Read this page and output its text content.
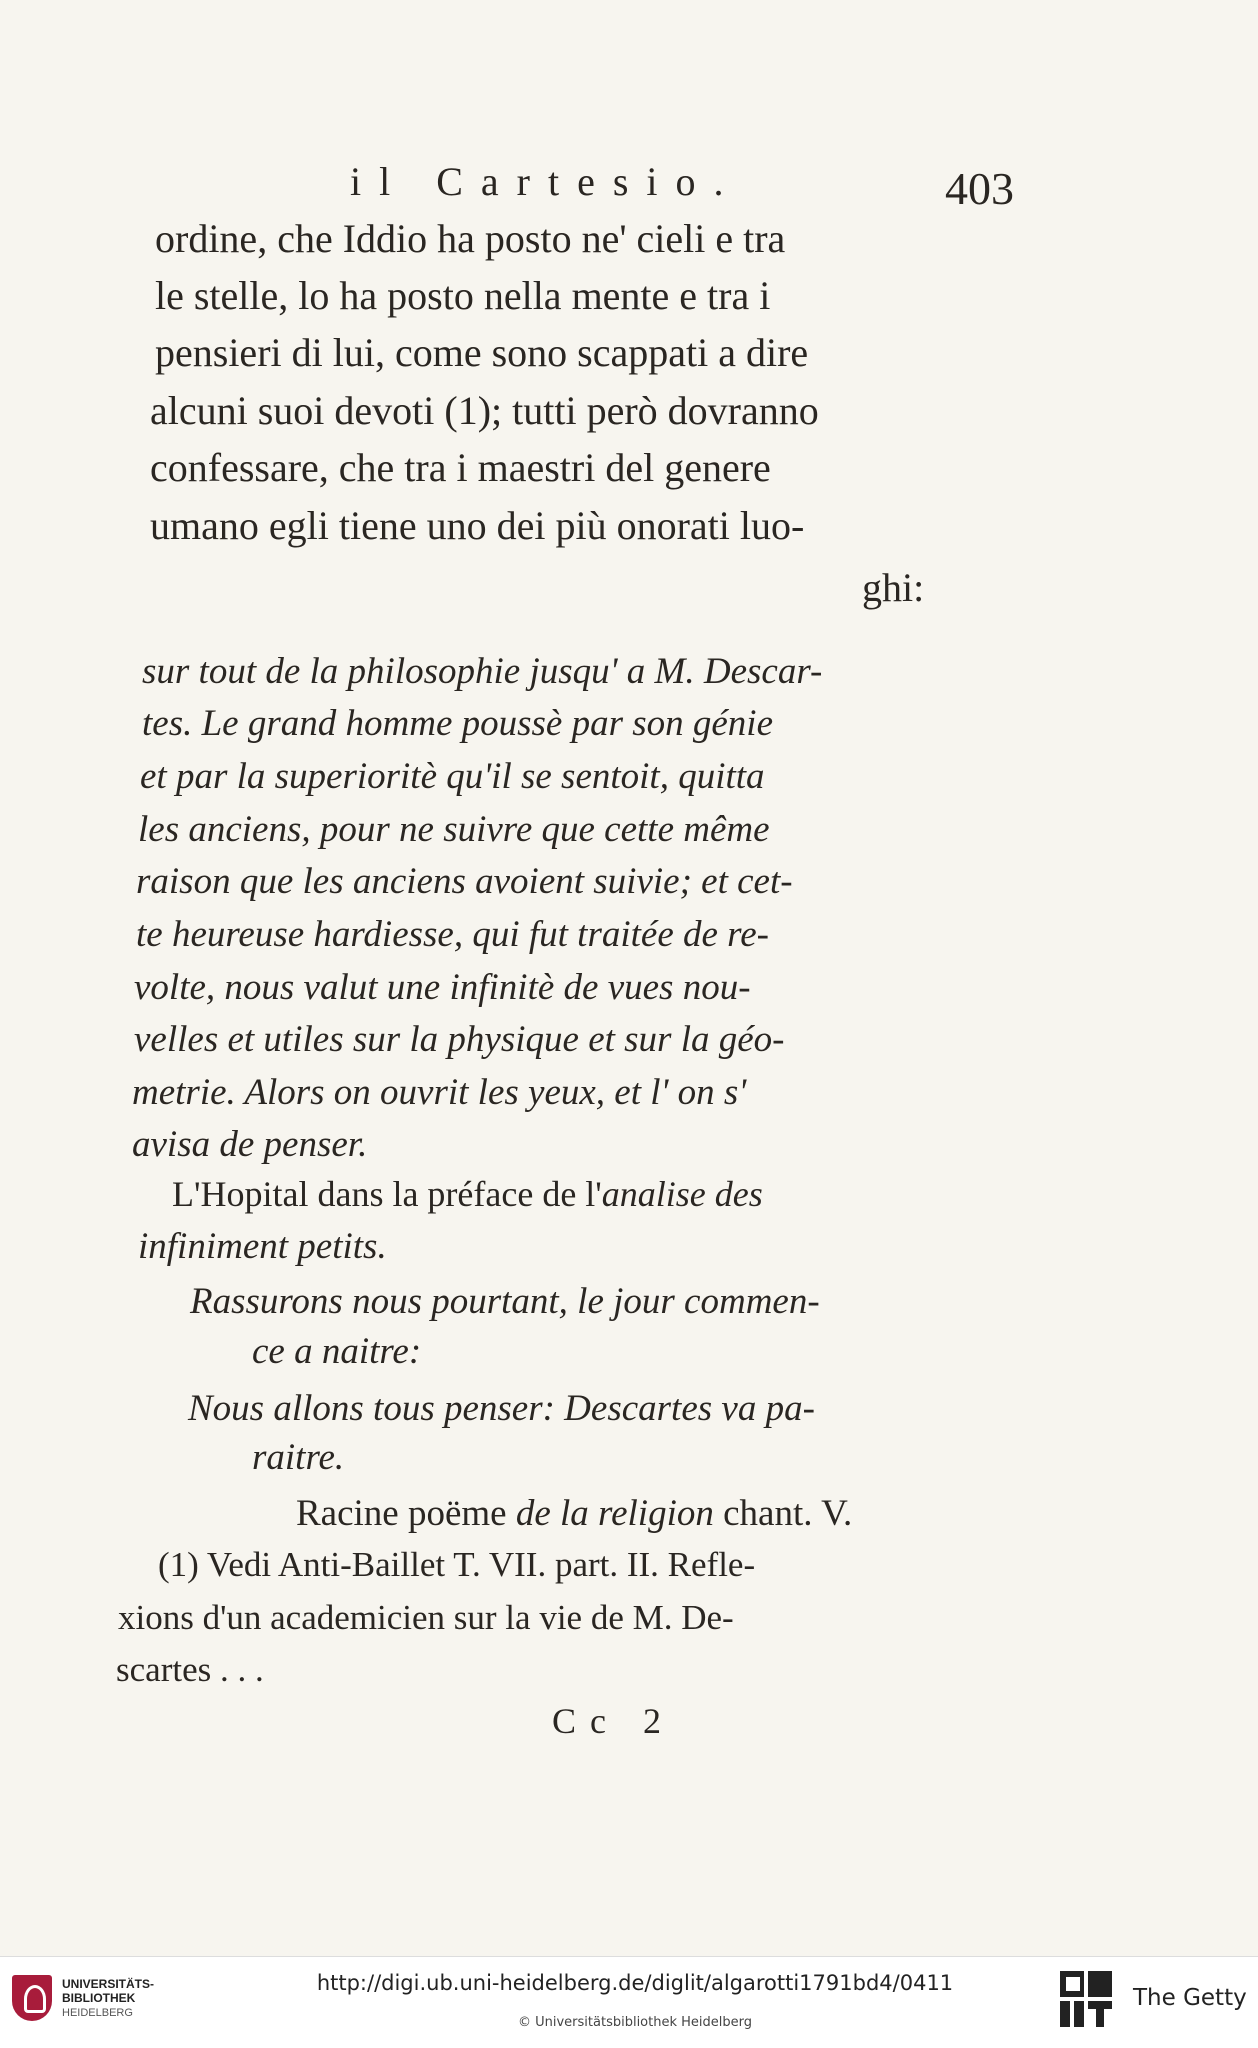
il Cartesio.	403
ordine, che Iddio ha posto ne' cieli e tra
le stelle, lo ha posto nella mente e tra i
pensieri di lui, come sono scappati a dire
alcuni suoi devoti (1); tutti però dovranno
confessare, che tra i maestri del genere
umano egli tiene uno dei più onorati luo-
ghi:
sur tout de la philosophie jusqu' a M. Descar-
tes. Le grand homme poussè par son génie
et par la superioritè qu'il se sentoit, quitta
les anciens, pour ne suivre que cette même
raison que les anciens avoient suivie; et cet-
te heureuse hardiesse, qui fut traitée de re-
volte, nous valut une infinitè de vues nou-
velles et utiles sur la physique et sur la géo-
metrie. Alors on ouvrit les yeux, et l' on s'
avisa de penser.
L'Hopital dans la préface de l'analise des
infiniment petits.
Rassurons nous pourtant, le jour commen-
ce a naitre:
Nous allons tous penser: Descartes va pa-
raitre.
Racine poëme de la religion chant. V.
(1) Vedi Anti-Baillet T. VII. part. II. Refle-
xions d'un academicien sur la vie de M. De-
scartes . . .
Cc 2
UNIVERSITÄTS-
BIBLIOTHEK
HEIDELBERG
http://digi.ub.uni-heidelberg.de/diglit/algarotti1791bd4/0411
© Universitätsbibliothek Heidelberg
The Getty
